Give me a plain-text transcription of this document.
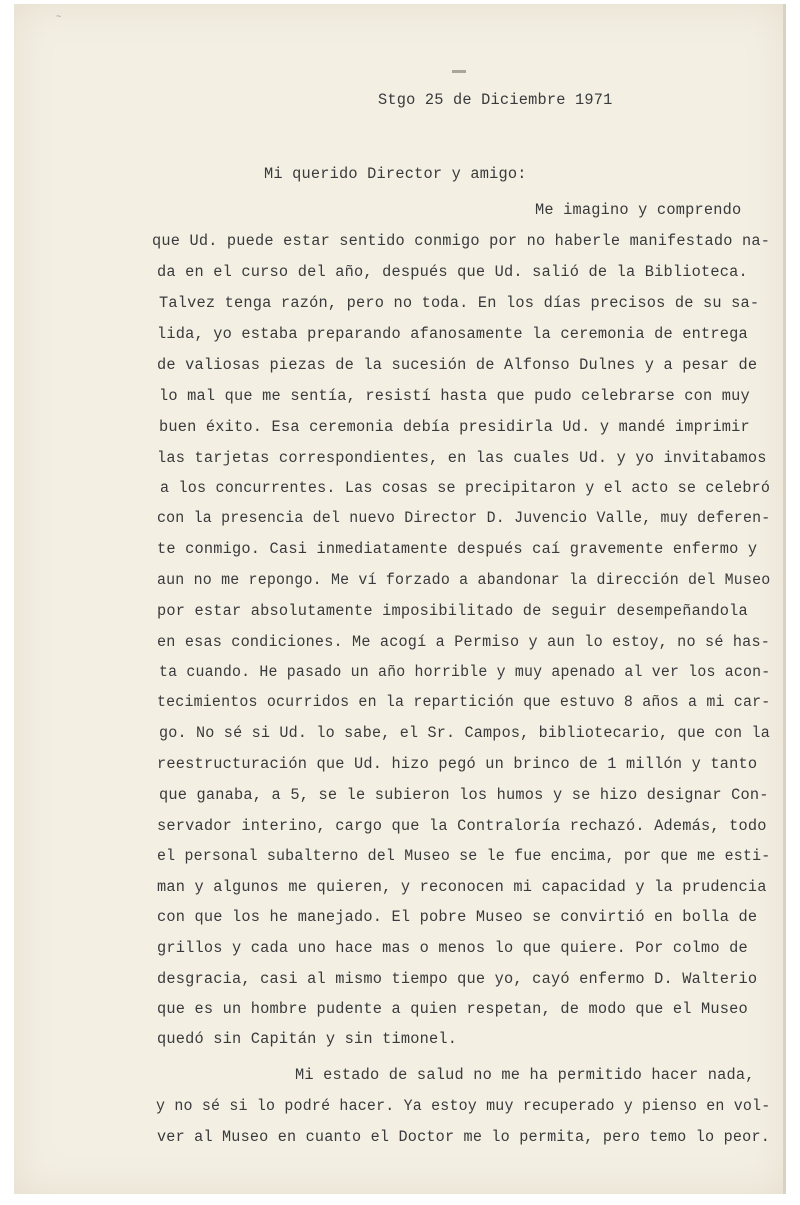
~
Stgo 25 de Diciembre 1971
Mi querido Director y amigo:
Me imagino y comprendo
que Ud. puede estar sentido conmigo por no haberle manifestado na-
da en el curso del año, después que Ud. salió de la Biblioteca.
Talvez tenga razón, pero no toda. En los días precisos de su sa-
lida, yo estaba preparando afanosamente la ceremonia de entrega
de valiosas piezas de la sucesión de Alfonso Dulnes y a pesar de
lo mal que me sentía, resistí hasta que pudo celebrarse con muy
buen éxito. Esa ceremonia debía presidirla Ud. y mandé imprimir
las tarjetas correspondientes, en las cuales Ud. y yo invitabamos
a los concurrentes. Las cosas se precipitaron y el acto se celebró
con la presencia del nuevo Director D. Juvencio Valle, muy deferen-
te conmigo. Casi inmediatamente después caí gravemente enfermo y
aun no me repongo. Me ví forzado a abandonar la dirección del Museo
por estar absolutamente imposibilitado de seguir desempeñandola
en esas condiciones. Me acogí a Permiso y aun lo estoy, no sé has-
ta cuando. He pasado un año horrible y muy apenado al ver los acon-
tecimientos ocurridos en la repartición que estuvo 8 años a mi car-
go. No sé si Ud. lo sabe, el Sr. Campos, bibliotecario, que con la
reestructuración que Ud. hizo pegó un brinco de 1 millón y tanto
que ganaba, a 5, se le subieron los humos y se hizo designar Con-
servador interino, cargo que la Contraloría rechazó. Además, todo
el personal subalterno del Museo se le fue encima, por que me esti-
man y algunos me quieren, y reconocen mi capacidad y la prudencia
con que los he manejado. El pobre Museo se convirtió en bolla de
grillos y cada uno hace mas o menos lo que quiere. Por colmo de
desgracia, casi al mismo tiempo que yo, cayó enfermo D. Walterio
que es un hombre pudente a quien respetan, de modo que el Museo
quedó sin Capitán y sin timonel.
Mi estado de salud no me ha permitido hacer nada,
y no sé si lo podré hacer. Ya estoy muy recuperado y pienso en vol-
ver al Museo en cuanto el Doctor me lo permita, pero temo lo peor.
